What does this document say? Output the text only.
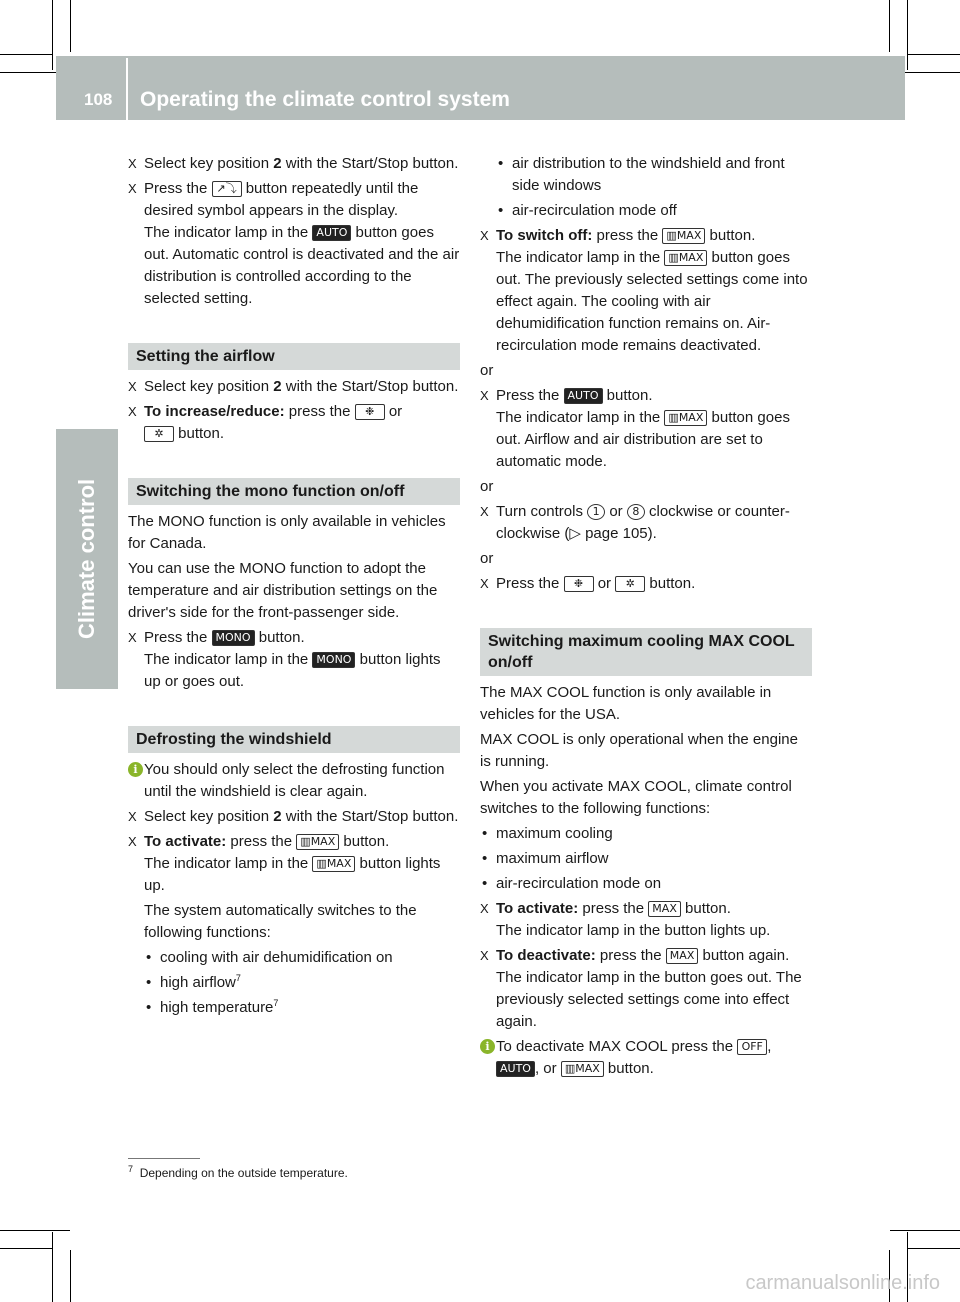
108 Operating the climate control system
Climate control
X Select key position 2 with the Start/Stop button.
X Press the ↗⤵ button repeatedly until the desired symbol appears in the display.
The indicator lamp in the AUTO button goes out. Automatic control is deactivated and the air distribution is controlled according to the selected setting.
Setting the airflow
X Select key position 2 with the Start/Stop button.
X To increase/reduce: press the ❉ or
✲ button.
Switching the mono function on/off

The MONO function is only available in vehicles for Canada.

You can use the MONO function to adopt the temperature and air distribution settings on the driver's side for the front-passenger side.

X Press the MONO button.
The indicator lamp in the MONO button lights up or goes out.
Defrosting the windshield
i You should only select the defrosting function until the windshield is clear again.
X Select key position 2 with the Start/Stop button.
X To activate: press the ▥MAX button.
The indicator lamp in the ▥MAX button lights up.
The system automatically switches to the following functions:
• cooling with air dehumidification on
• high airflow$^7$
• high temperature$^7$
• air distribution to the windshield and front side windows
• air-recirculation mode off
X To switch off: press the ▥MAX button.
The indicator lamp in the ▥MAX button goes out. The previously selected settings come into effect again. The cooling with air dehumidification function remains on. Air-recirculation mode remains deactivated.

or

X Press the AUTO button.
The indicator lamp in the ▥MAX button goes out. Airflow and air distribution are set to automatic mode.

or

X Turn controls 1 or 8 clockwise or counter-clockwise (▷ page 105).

or

X Press the ❉ or ✲ button.
Switching maximum cooling MAX COOL on/off

The MAX COOL function is only available in vehicles for the USA.

MAX COOL is only operational when the engine is running.

When you activate MAX COOL, climate control switches to the following functions:

• maximum cooling
• maximum airflow
• air-recirculation mode on
X To activate: press the MAX button.
The indicator lamp in the button lights up.
X To deactivate: press the MAX button again.
The indicator lamp in the button goes out. The previously selected settings come into effect again.
i To deactivate MAX COOL press the OFF ,
AUTO , or ▥MAX button.
$^7$ Depending on the outside temperature.
carmanualsonline.info
